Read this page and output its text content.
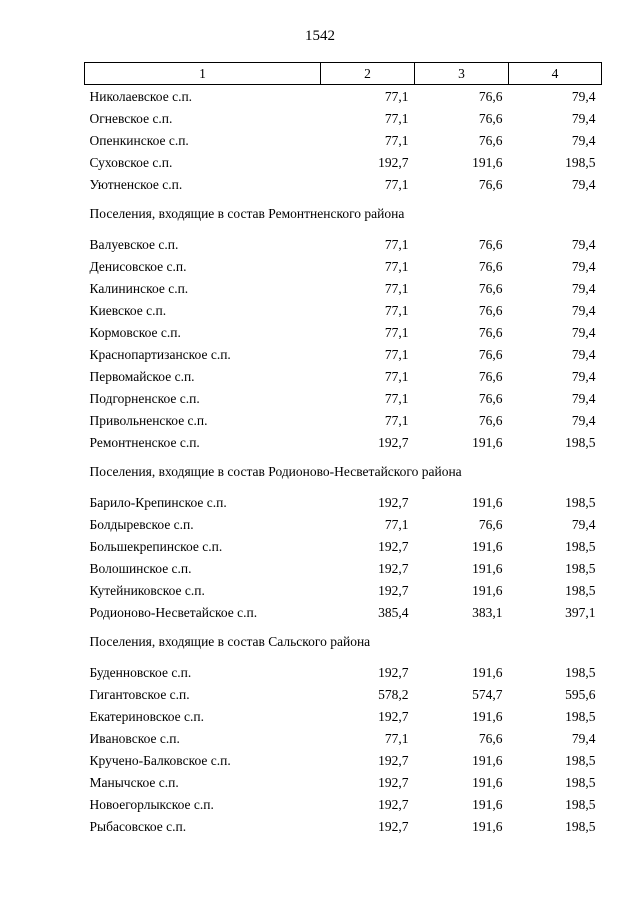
1542
1	2	3	4
Николаевское с.п.	77,1	76,6	79,4
Огневское с.п.	77,1	76,6	79,4
Опенкинское с.п.	77,1	76,6	79,4
Суховское с.п.	192,7	191,6	198,5
Уютненское с.п.	77,1	76,6	79,4
Поселения, входящие в состав Ремонтненского района			
Валуевское с.п.	77,1	76,6	79,4
Денисовское с.п.	77,1	76,6	79,4
Калининское с.п.	77,1	76,6	79,4
Киевское с.п.	77,1	76,6	79,4
Кормовское с.п.	77,1	76,6	79,4
Краснопартизанское с.п.	77,1	76,6	79,4
Первомайское с.п.	77,1	76,6	79,4
Подгорненское с.п.	77,1	76,6	79,4
Привольненское с.п.	77,1	76,6	79,4
Ремонтненское с.п.	192,7	191,6	198,5
Поселения, входящие в состав Родионово-Несветайского района			
Барило-Крепинское с.п.	192,7	191,6	198,5
Болдыревское с.п.	77,1	76,6	79,4
Большекрепинское с.п.	192,7	191,6	198,5
Волошинское с.п.	192,7	191,6	198,5
Кутейниковское с.п.	192,7	191,6	198,5
Родионово-Несветайское с.п.	385,4	383,1	397,1
Поселения, входящие в состав Сальского района			
Буденновское с.п.	192,7	191,6	198,5
Гигантовское с.п.	578,2	574,7	595,6
Екатериновское с.п.	192,7	191,6	198,5
Ивановское с.п.	77,1	76,6	79,4
Кручено-Балковское с.п.	192,7	191,6	198,5
Манычское с.п.	192,7	191,6	198,5
Новоегорлыкское с.п.	192,7	191,6	198,5
Рыбасовское с.п.	192,7	191,6	198,5
